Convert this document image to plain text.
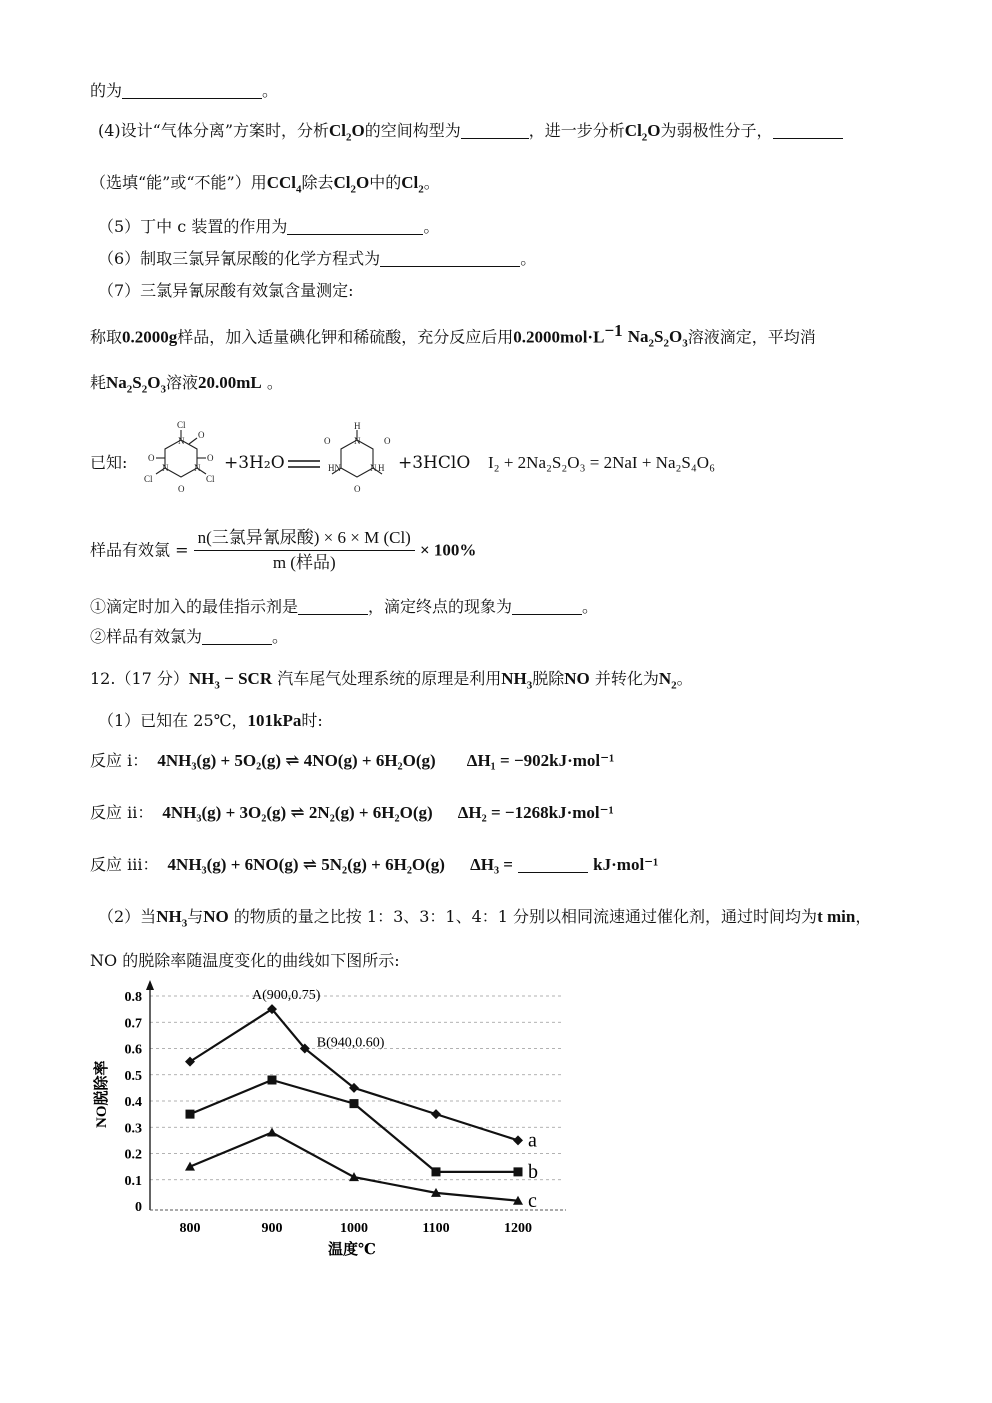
的为	。
(4)设计“气体分离”方案时，分析$Cl_2O$的空间构型为	，进一步分析$Cl_2O$为弱极性分子，
（选填“能”或“不能”）用CCl$_4$除去$Cl_2O$中的$Cl_2$。
（5）丁中 c 装置的作用为	。
（6）制取三氯异氰尿酸的化学方程式为	。
（7）三氯异氰尿酸有效氯含量测定:
称取0.2000g样品，加入适量碘化钾和稀硫酸，充分反应后用$0.2000mol\cdot L^{-1}$ $Na_2S_2O_3$溶液滴定，平均消
耗$Na_2S_2O_3$溶液20.00mL 。
已知:
Cl
N
N
N
Cl
Cl
O
O
O
O
+3H₂O
H
N
O	O
N H
HN
O
+3HClO I₂ + 2Na₂S₂O₃ = 2NaI + Na₂S₄O₆
样品有效氯 = $\frac{\text{n(三氯异氰尿酸) × 6 × M (Cl)}}{\text{m (样品)}} \times 100\%$
①滴定时加入的最佳指示剂是	，滴定终点的现象为	。
②样品有效氯为	。
12.（17 分）$NH_3$ − SCR 汽车尾气处理系统的原理是利用$NH_3$脱除NO 并转化为$N_2$。
（1）已知在 25℃，101kPa时:
反应 i： 4NH₃(g) + 5O₂(g) ⇌ 4NO(g) + 6H₂O(g) ΔH₁ = −902kJ·mol⁻¹
反应 ii： 4NH₃(g) + 3O₂(g) ⇌ 2N₂(g) + 6H₂O(g) ΔH₂ = −1268kJ·mol⁻¹
反应 iii： 4NH₃(g) + 6NO(g) ⇌ 5N₂(g) + 6H₂O(g) ΔH₃ =	kJ·mol⁻¹
（2）当$NH_3$与NO 的物质的量之比按 1：3、3：1、4：1 分别以相同流速通过催化剂，通过时间均为t min，
NO 的脱除率随温度变化的曲线如下图所示:
0
0.1
0.2
0.3
0.4
0.5
0.6
0.7
0.8
800	900	1000	1100	1200
a
b
c
A(900,0.75)
B(940,0.60)
NO脱除率
温度℃
